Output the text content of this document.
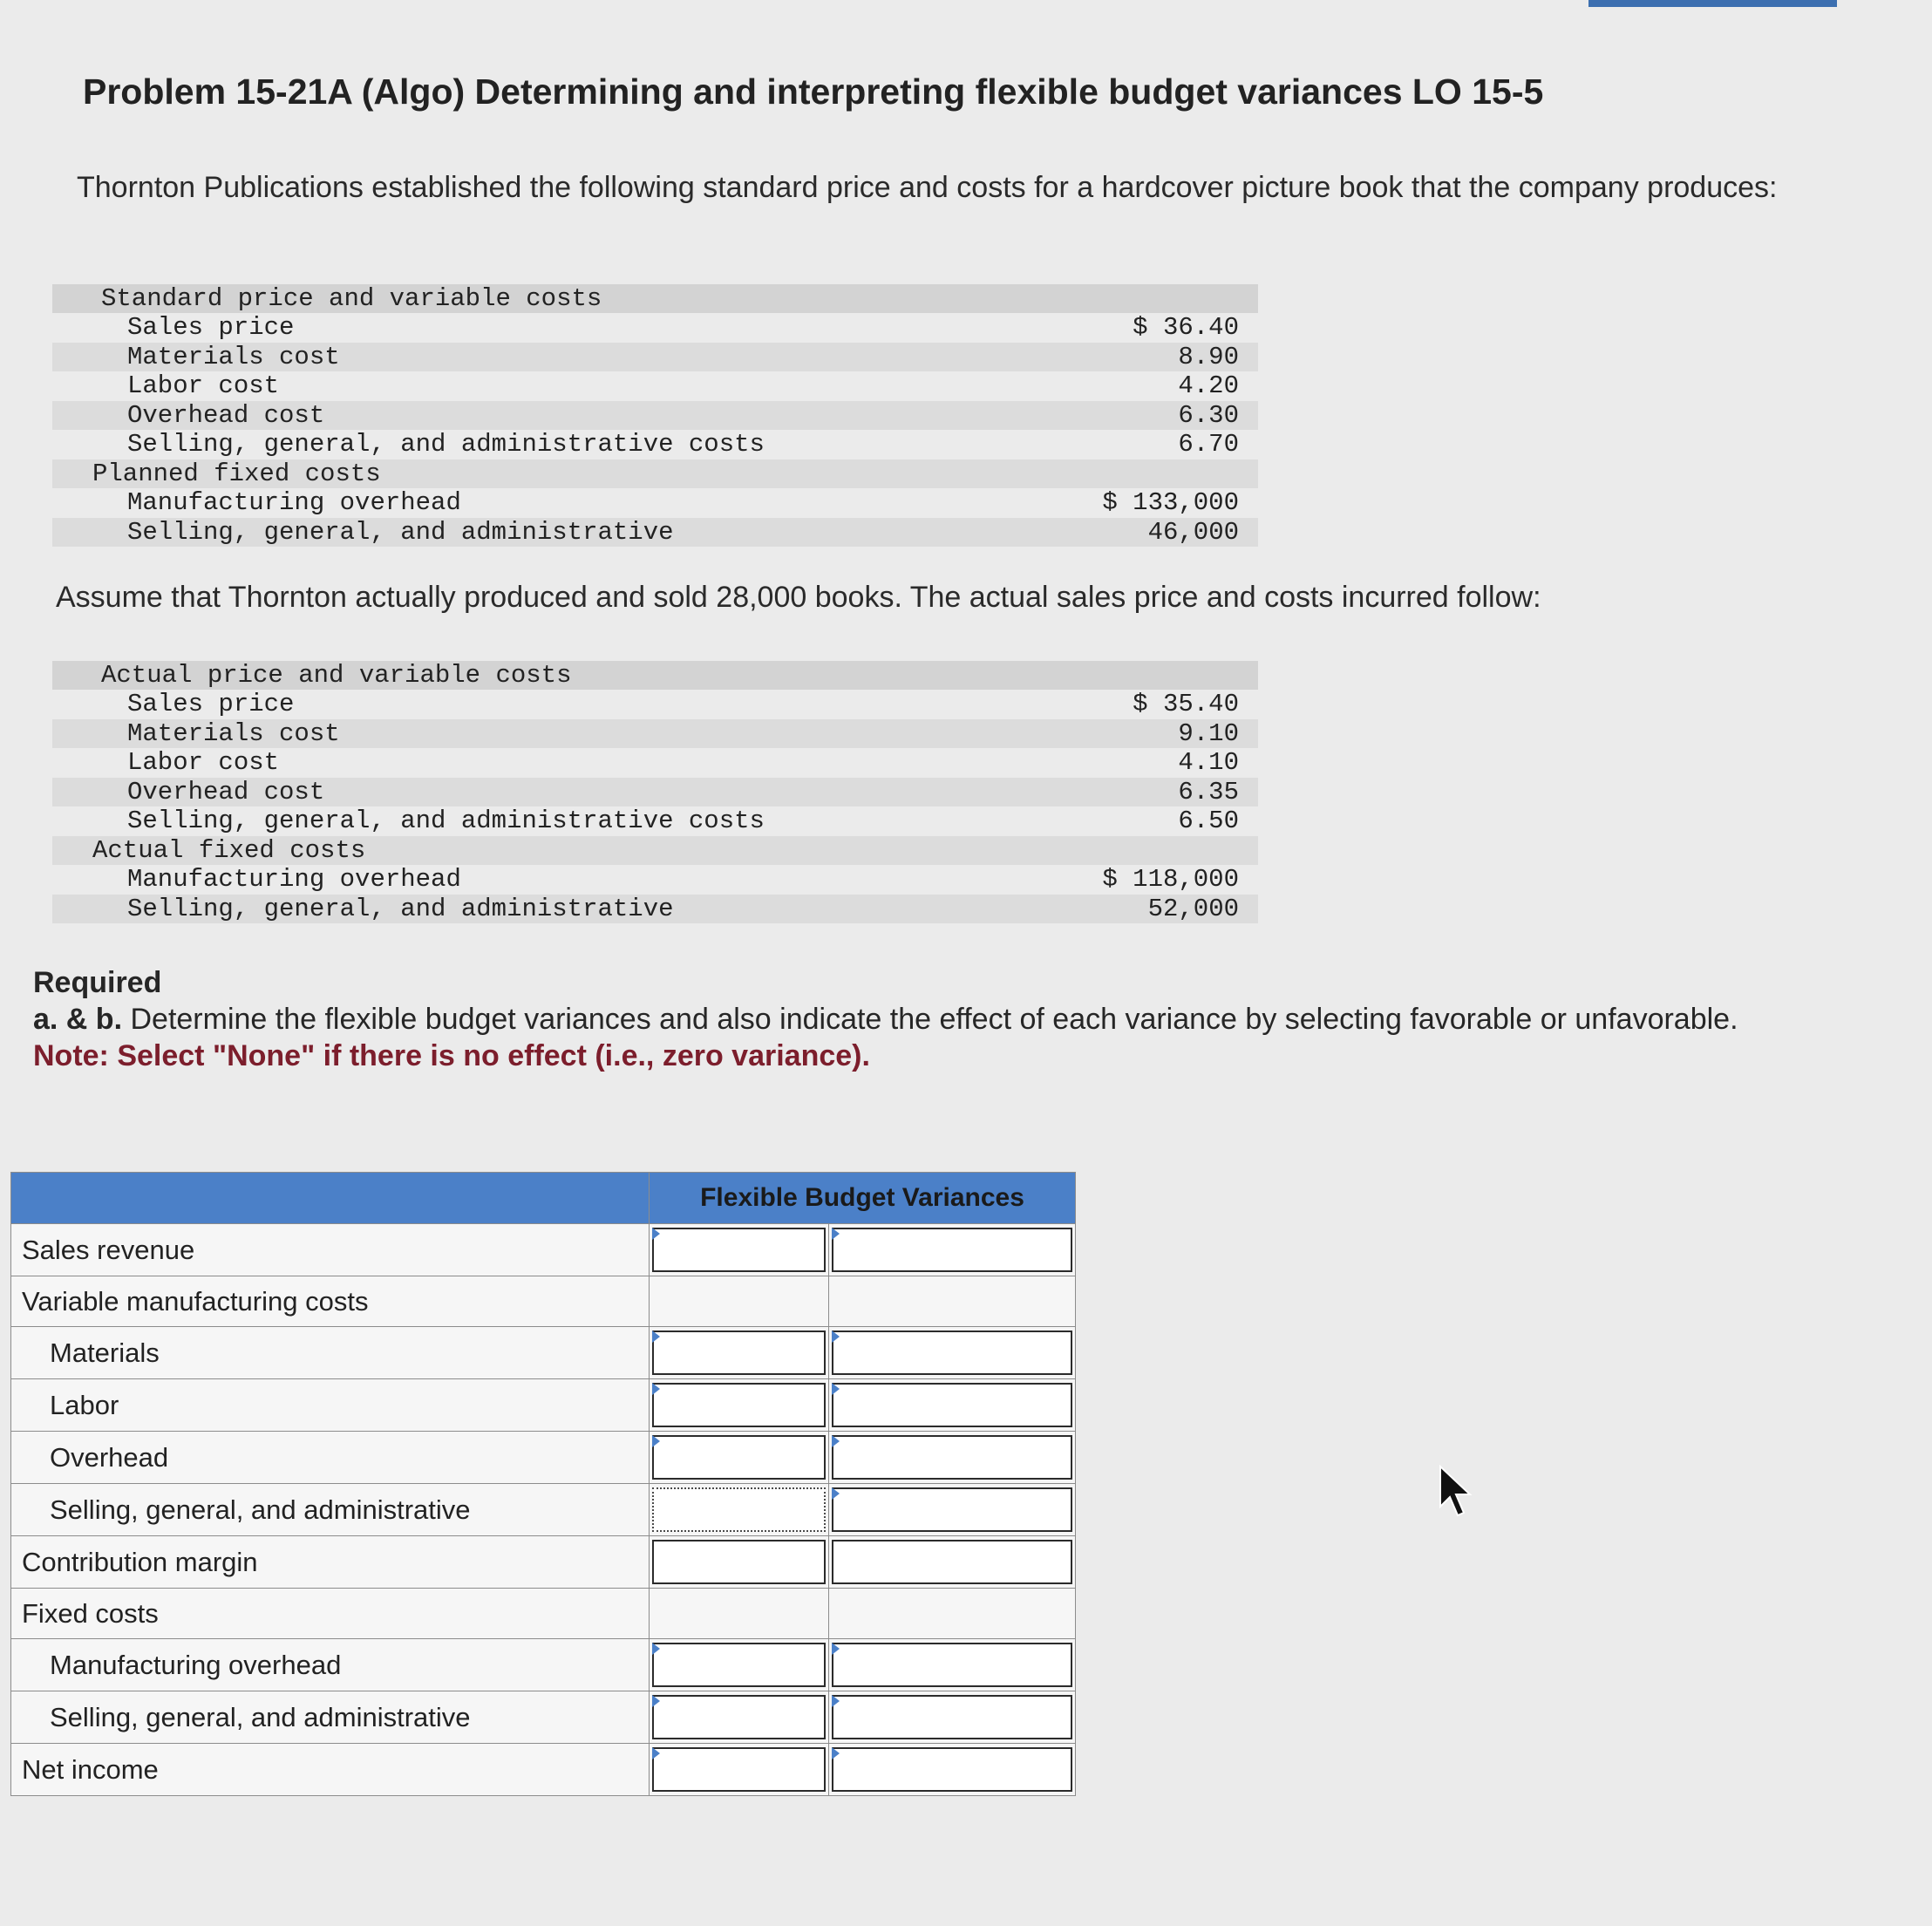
Problem 15-21A (Algo) Determining and interpreting flexible budget variances LO 15-5
Thornton Publications established the following standard price and costs for a hardcover picture book that the company produces:
Standard price and variable costs
Sales price	$ 36.40
Materials cost	8.90
Labor cost	4.20
Overhead cost	6.30
Selling, general, and administrative costs	6.70
Planned fixed costs
Manufacturing overhead	$ 133,000
Selling, general, and administrative	46,000
Assume that Thornton actually produced and sold 28,000 books. The actual sales price and costs incurred follow:
Actual price and variable costs
Sales price	$ 35.40
Materials cost	9.10
Labor cost	4.10
Overhead cost	6.35
Selling, general, and administrative costs	6.50
Actual fixed costs
Manufacturing overhead	$ 118,000
Selling, general, and administrative	52,000
Required
a. & b. Determine the flexible budget variances and also indicate the effect of each variance by selecting favorable or unfavorable.
Note: Select "None" if there is no effect (i.e., zero variance).
	Flexible Budget Variances	
Sales revenue	

Variable manufacturing costs		
Materials	

Labor	

Overhead	

Selling, general, and administrative	

Contribution margin	

Fixed costs		
Manufacturing overhead	

Selling, general, and administrative	

Net income	
